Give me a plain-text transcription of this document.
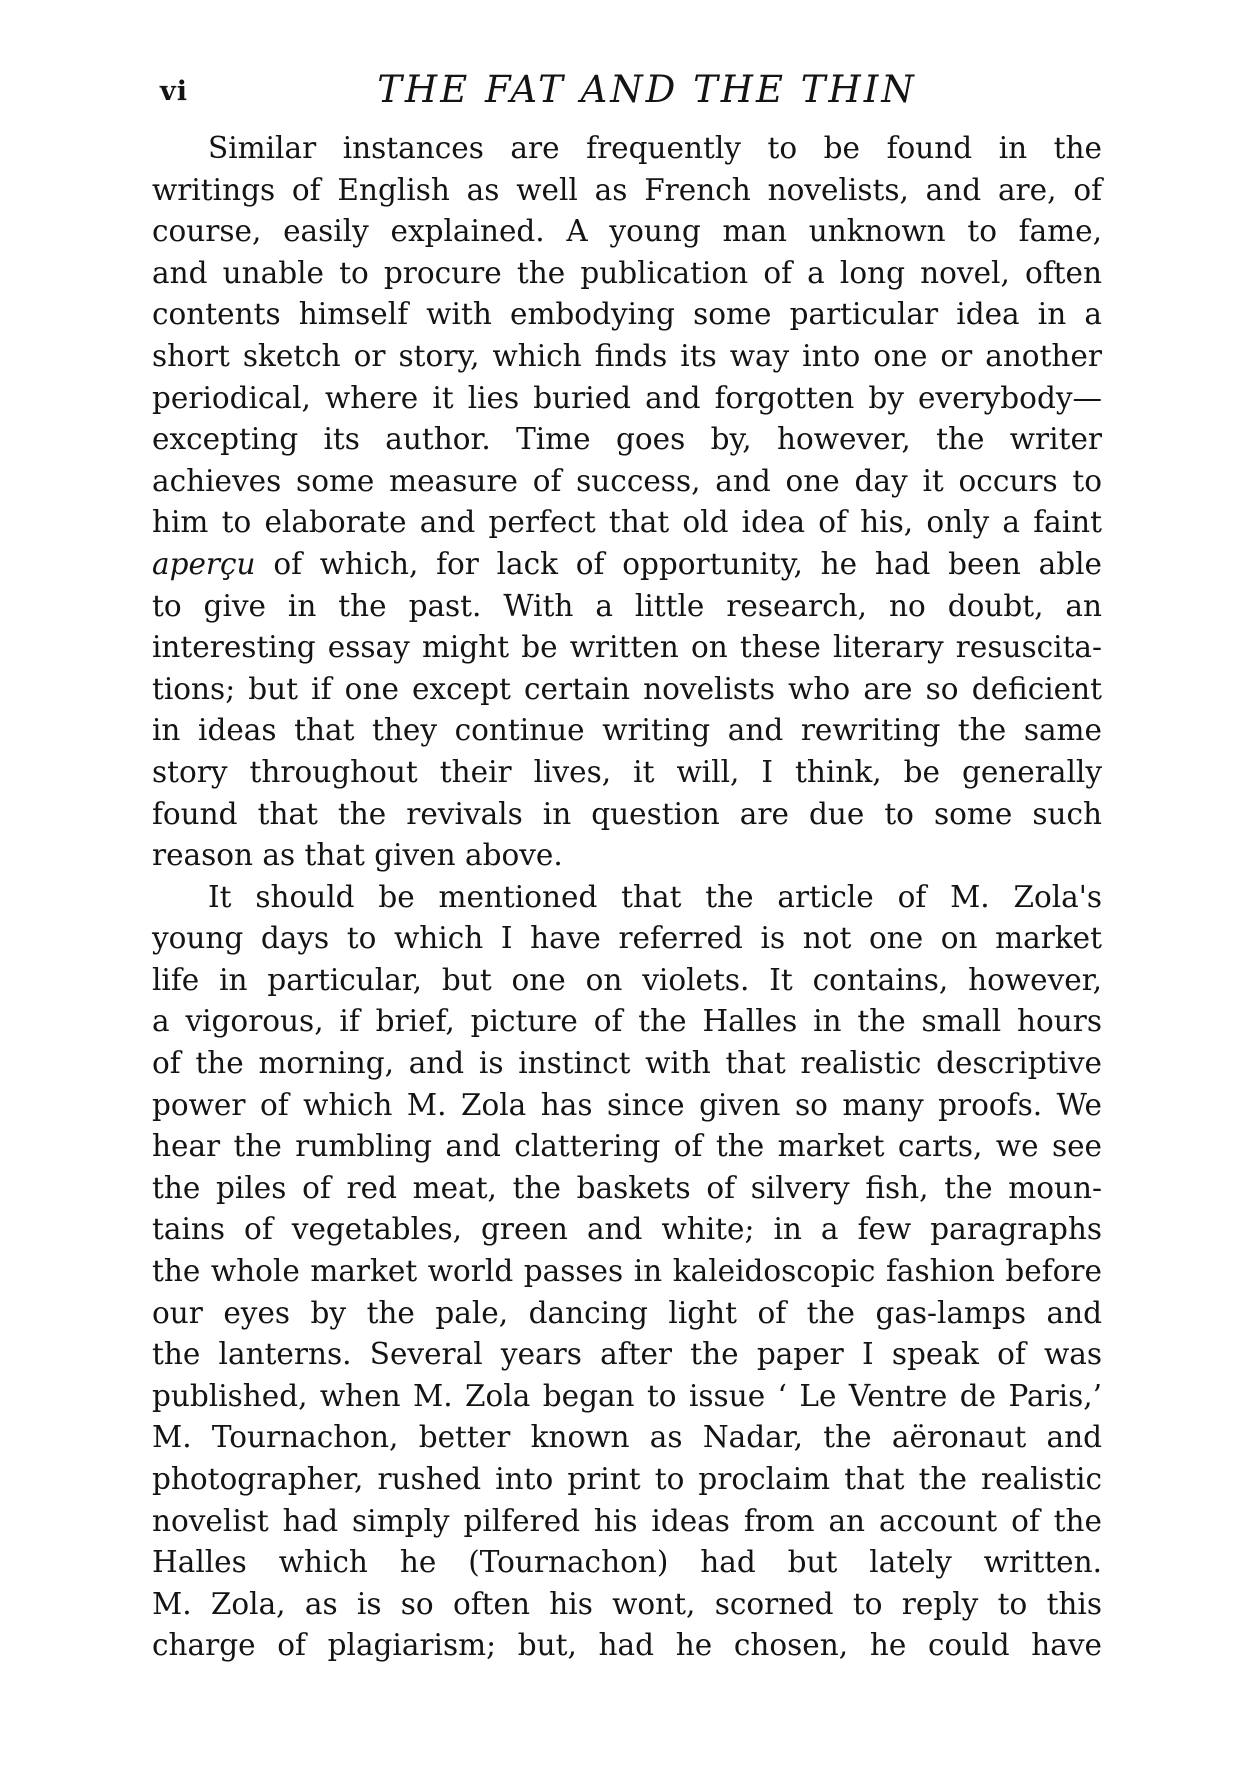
vi	THE FAT AND THE THIN
Similar instances are frequently to be found in the
writings of English as well as French novelists, and are, of
course, easily explained. A young man unknown to fame,
and unable to procure the publication of a long novel, often
contents himself with embodying some particular idea in a
short sketch or story, which finds its way into one or another
periodical, where it lies buried and forgotten by everybody—
excepting its author. Time goes by, however, the writer
achieves some measure of success, and one day it occurs to
him to elaborate and perfect that old idea of his, only a faint
aperçu of which, for lack of opportunity, he had been able
to give in the past. With a little research, no doubt, an
interesting essay might be written on these literary resuscita-
tions; but if one except certain novelists who are so deficient
in ideas that they continue writing and rewriting the same
story throughout their lives, it will, I think, be generally
found that the revivals in question are due to some such
reason as that given above.
It should be mentioned that the article of M. Zola's
young days to which I have referred is not one on market
life in particular, but one on violets. It contains, however,
a vigorous, if brief, picture of the Halles in the small hours
of the morning, and is instinct with that realistic descriptive
power of which M. Zola has since given so many proofs. We
hear the rumbling and clattering of the market carts, we see
the piles of red meat, the baskets of silvery fish, the moun-
tains of vegetables, green and white; in a few paragraphs
the whole market world passes in kaleidoscopic fashion before
our eyes by the pale, dancing light of the gas-lamps and
the lanterns. Several years after the paper I speak of was
published, when M. Zola began to issue ‘ Le Ventre de Paris,’
M. Tournachon, better known as Nadar, the aëronaut and
photographer, rushed into print to proclaim that the realistic
novelist had simply pilfered his ideas from an account of the
Halles which he (Tournachon) had but lately written.
M. Zola, as is so often his wont, scorned to reply to this
charge of plagiarism; but, had he chosen, he could have
